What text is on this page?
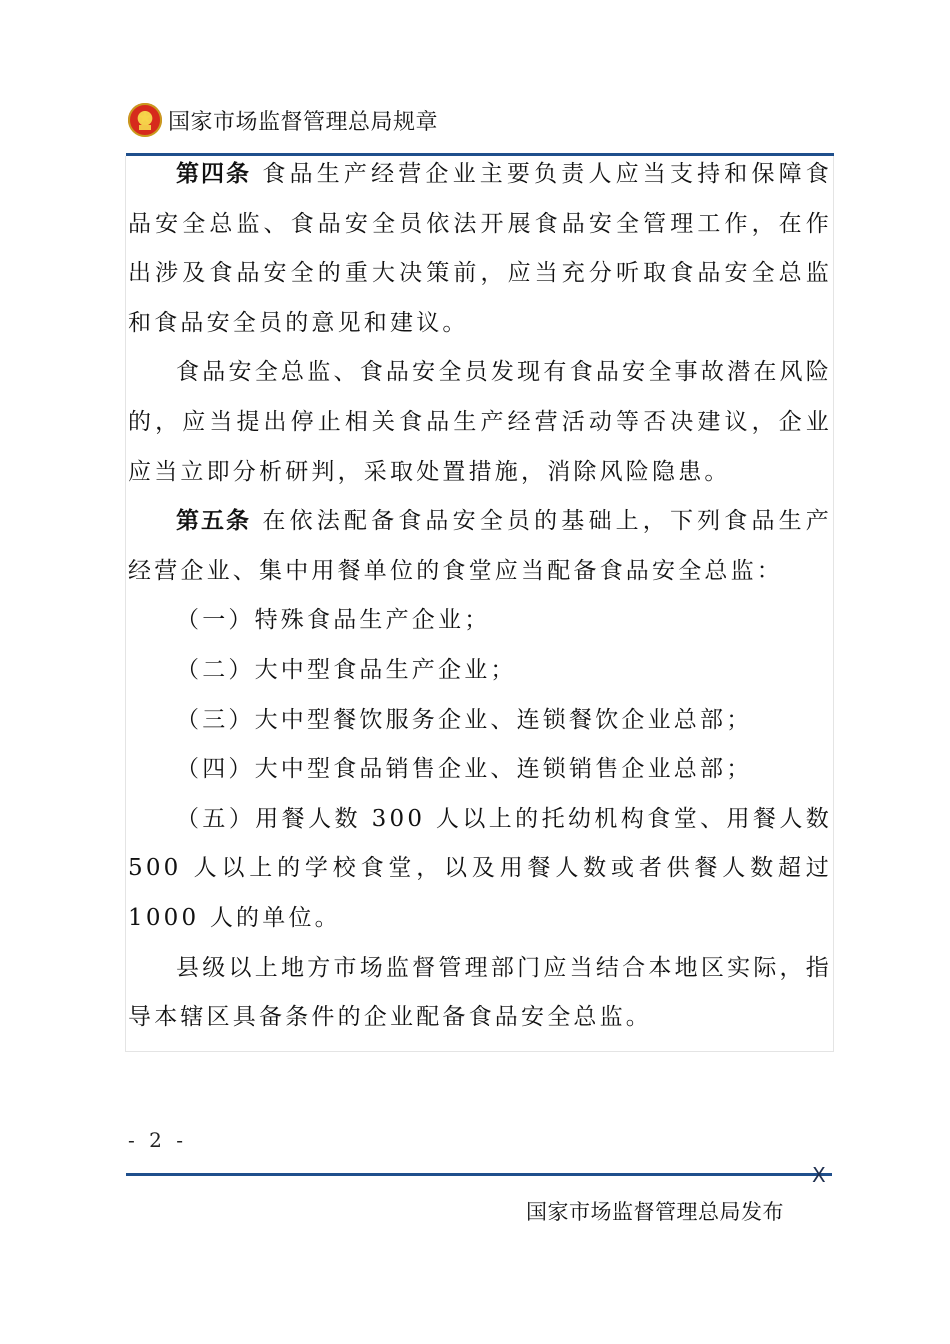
国家市场监督管理总局规章

第四条 食品生产经营企业主要负责人应当支持和保障食品安全总监、食品安全员依法开展食品安全管理工作，在作出涉及食品安全的重大决策前，应当充分听取食品安全总监和食品安全员的意见和建议。

食品安全总监、食品安全员发现有食品安全事故潜在风险的，应当提出停止相关食品生产经营活动等否决建议，企业应当立即分析研判，采取处置措施，消除风险隐患。

第五条 在依法配备食品安全员的基础上，下列食品生产经营企业、集中用餐单位的食堂应当配备食品安全总监：

（一）特殊食品生产企业；

（二）大中型食品生产企业；

（三）大中型餐饮服务企业、连锁餐饮企业总部；

（四）大中型食品销售企业、连锁销售企业总部；

（五）用餐人数 300 人以上的托幼机构食堂、用餐人数 500 人以上的学校食堂，以及用餐人数或者供餐人数超过 1000 人的单位。

县级以上地方市场监督管理部门应当结合本地区实际，指导本辖区具备条件的企业配备食品安全总监。

- 2 -
X
国家市场监督管理总局发布
